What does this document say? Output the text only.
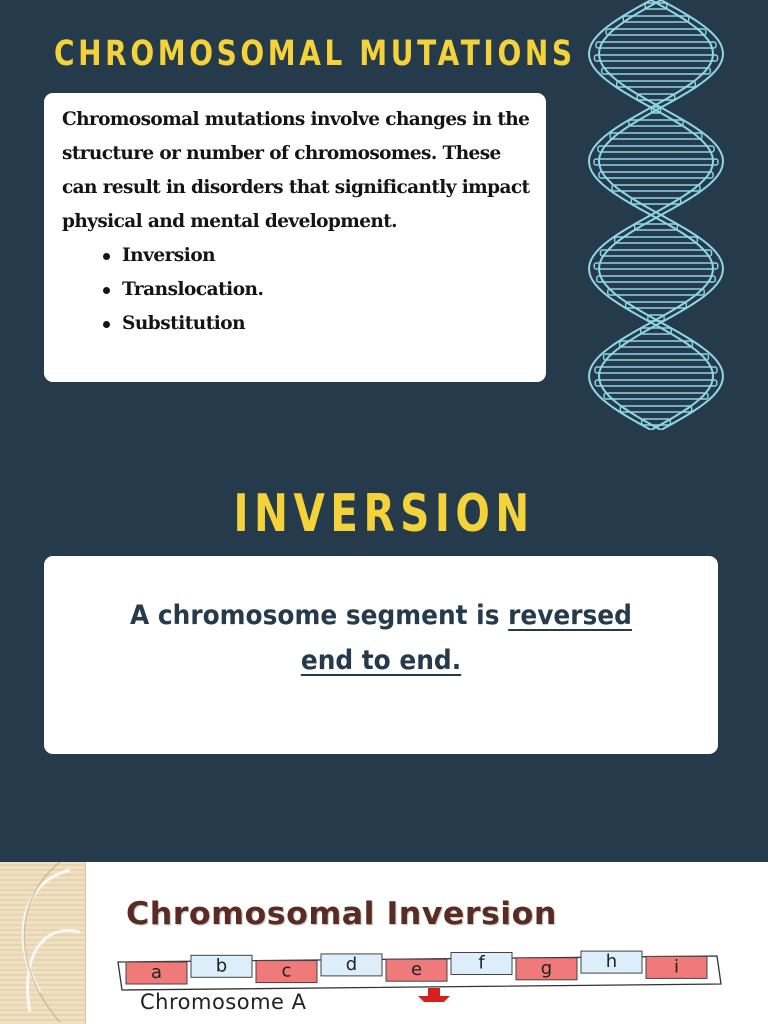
CHROMOSOMAL MUTATIONS

Chromosomal mutations involve changes in the structure or number of chromosomes. These can result in disorders that significantly impact physical and mental development.

Inversion
Translocation.
Substitution
INVERSION
A chromosome segment is reversed
end to end.
Chromosomal Inversion
a	b	c	d	e	f	g	h	i
Chromosome A
